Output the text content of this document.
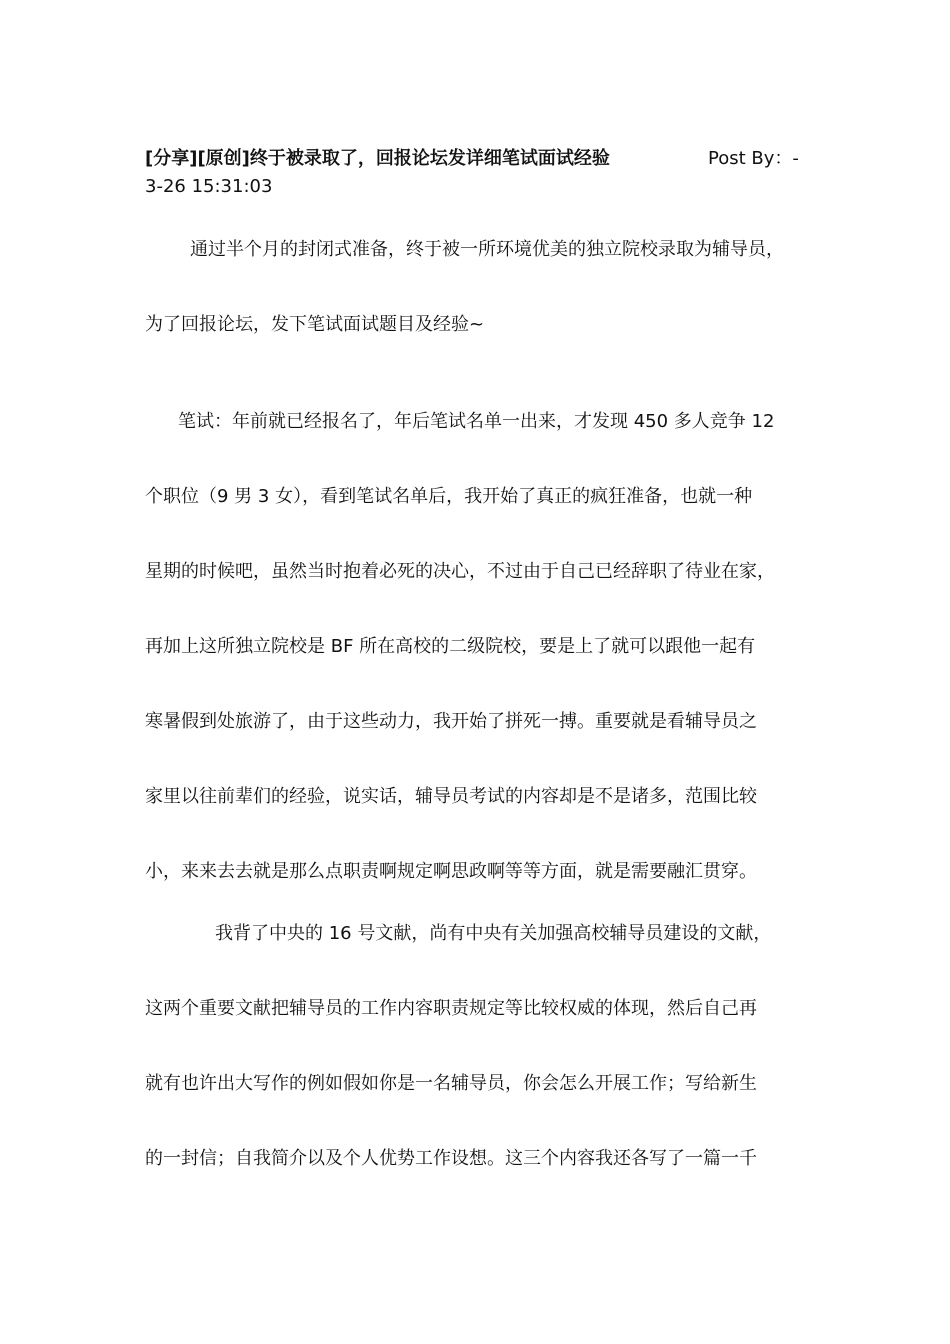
[分享][原创]终于被录取了，回报论坛发详细笔试面试经验	Post By：-
3-26 15:31:03
通过半个月的封闭式准备，终于被一所环境优美的独立院校录取为辅导员，
为了回报论坛，发下笔试面试题目及经验~
笔试：年前就已经报名了，年后笔试名单一出来，才发现 450 多人竞争 12
个职位（9 男 3 女），看到笔试名单后，我开始了真正的疯狂准备，也就一种
星期的时候吧，虽然当时抱着必死的决心，不过由于自己已经辞职了待业在家，
再加上这所独立院校是 BF 所在高校的二级院校，要是上了就可以跟他一起有
寒暑假到处旅游了，由于这些动力，我开始了拼死一搏。重要就是看辅导员之
家里以往前辈们的经验，说实话，辅导员考试的内容却是不是诸多，范围比较
小，来来去去就是那么点职责啊规定啊思政啊等等方面，就是需要融汇贯穿。
我背了中央的 16 号文献，尚有中央有关加强高校辅导员建设的文献，
这两个重要文献把辅导员的工作内容职责规定等比较权威的体现，然后自己再
就有也许出大写作的例如假如你是一名辅导员，你会怎么开展工作；写给新生
的一封信；自我简介以及个人优势工作设想。这三个内容我还各写了一篇一千
